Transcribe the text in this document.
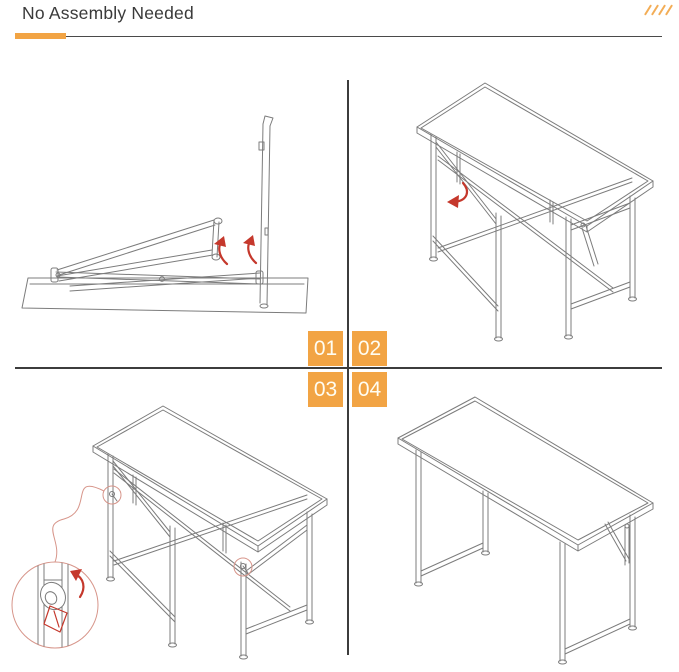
No Assembly Needed
01 02
03 04
